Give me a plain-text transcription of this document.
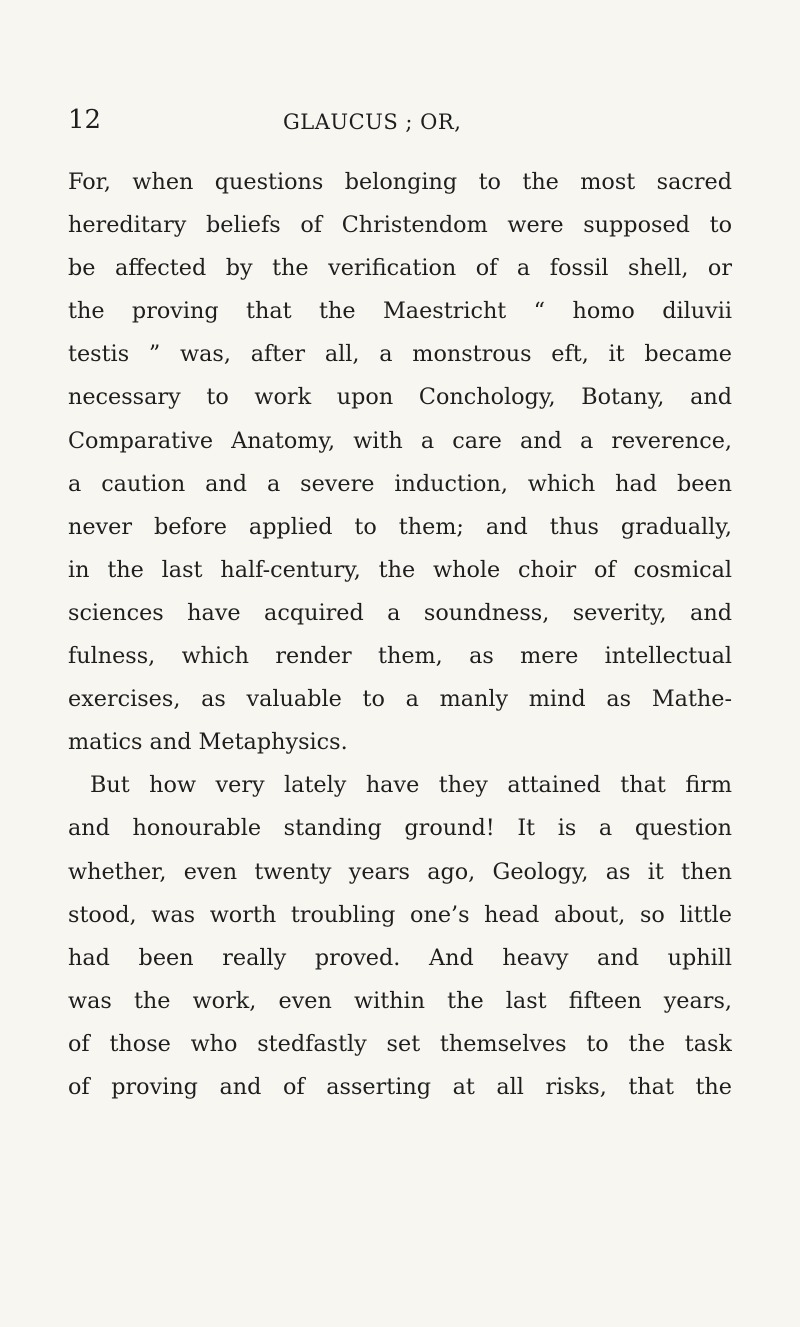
12	GLAUCUS ; OR,
For, when questions belonging to the most sacred
hereditary beliefs of Christendom were supposed to
be affected by the verification of a fossil shell, or
the proving that the Maestricht “ homo diluvii
testis ” was, after all, a monstrous eft, it became
necessary to work upon Conchology, Botany, and
Comparative Anatomy, with a care and a reverence,
a caution and a severe induction, which had been
never before applied to them; and thus gradually,
in the last half-century, the whole choir of cosmical
sciences have acquired a soundness, severity, and
fulness, which render them, as mere intellectual
exercises, as valuable to a manly mind as Mathe-
matics and Metaphysics.
But how very lately have they attained that firm
and honourable standing ground! It is a question
whether, even twenty years ago, Geology, as it then
stood, was worth troubling one’s head about, so little
had been really proved. And heavy and uphill
was the work, even within the last fifteen years,
of those who stedfastly set themselves to the task
of proving and of asserting at all risks, that the
